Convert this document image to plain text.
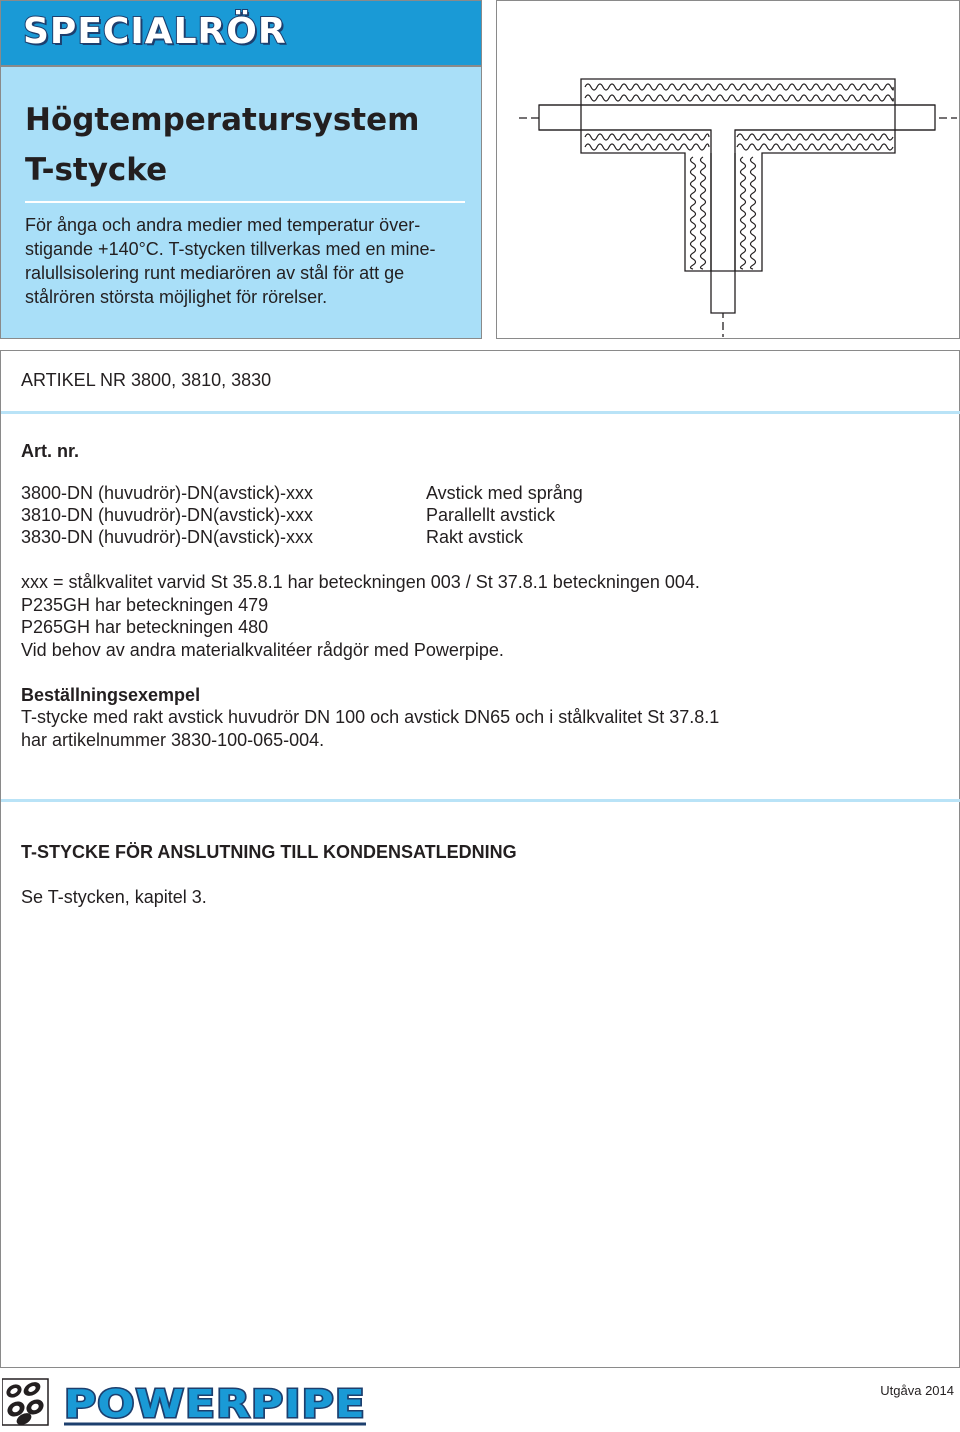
SPECIALRÖR
Högtemperatursystem
T-stycke
För ånga och andra medier med temperatur över-
stigande +140°C. T-stycken tillverkas med en mine-
ralullsisolering runt mediarören av stål för att ge
stålrören största möjlighet för rörelser.
ARTIKEL NR 3800, 3810, 3830
Art. nr.
3800-DN (huvudrör)-DN(avstick)-xxx	Avstick med språng
3810-DN (huvudrör)-DN(avstick)-xxx	Parallellt avstick
3830-DN (huvudrör)-DN(avstick)-xxx	Rakt avstick
xxx = stålkvalitet varvid St 35.8.1 har beteckningen 003 / St 37.8.1 beteckningen 004.
P235GH har beteckningen 479
P265GH har beteckningen 480
Vid behov av andra materialkvalitéer rådgör med Powerpipe.
Beställningsexempel
T-stycke med rakt avstick huvudrör DN 100 och avstick DN65 och i stålkvalitet St 37.8.1
har artikelnummer 3830-100-065-004.
T-STYCKE FÖR ANSLUTNING TILL KONDENSATLEDNING
Se T-stycken, kapitel 3.
POWERPIPE	Utgåva 2014
